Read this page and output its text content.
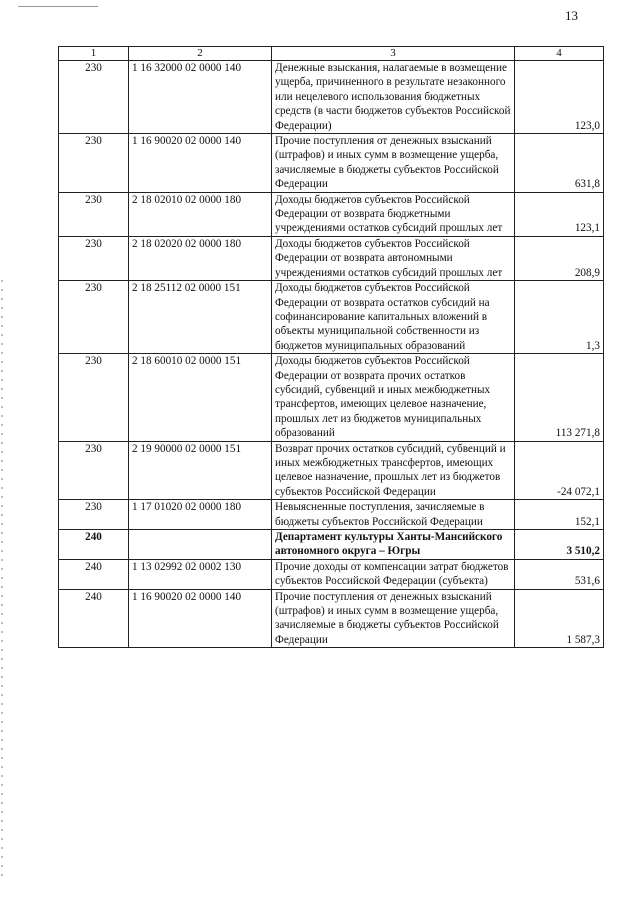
13
1	2	3	4
230	1 16 32000 02 0000 140	Денежные взыскания, налагаемые в возмещение ущерба, причиненного в результате незаконного или нецелевого использования бюджетных средств (в части бюджетов субъектов Российской Федерации)	123,0
230	1 16 90020 02 0000 140	Прочие поступления от денежных взысканий (штрафов) и иных сумм в возмещение ущерба, зачисляемые в бюджеты субъектов Российской Федерации	631,8
230	2 18 02010 02 0000 180	Доходы бюджетов субъектов Российской Федерации от возврата бюджетными учреждениями остатков субсидий прошлых лет	123,1
230	2 18 02020 02 0000 180	Доходы бюджетов субъектов Российской Федерации от возврата автономными учреждениями остатков субсидий прошлых лет	208,9
230	2 18 25112 02 0000 151	Доходы бюджетов субъектов Российской Федерации от возврата остатков субсидий на софинансирование капитальных вложений в объекты муниципальной собственности из бюджетов муниципальных образований	1,3
230	2 18 60010 02 0000 151	Доходы бюджетов субъектов Российской Федерации от возврата прочих остатков субсидий, субвенций и иных межбюджетных трансфертов, имеющих целевое назначение, прошлых лет из бюджетов муниципальных образований	113 271,8
230	2 19 90000 02 0000 151	Возврат прочих остатков субсидий, субвенций и иных межбюджетных трансфертов, имеющих целевое назначение, прошлых лет из бюджетов субъектов Российской Федерации	-24 072,1
230	1 17 01020 02 0000 180	Невыясненные поступления, зачисляемые в бюджеты субъектов Российской Федерации	152,1
240		Департамент культуры Ханты-Мансийского автономного округа – Югры	3 510,2
240	1 13 02992 02 0002 130	Прочие доходы от компенсации затрат бюджетов субъектов Российской Федерации (субъекта)	531,6
240	1 16 90020 02 0000 140	Прочие поступления от денежных взысканий (штрафов) и иных сумм в возмещение ущерба, зачисляемые в бюджеты субъектов Российской Федерации	1 587,3
